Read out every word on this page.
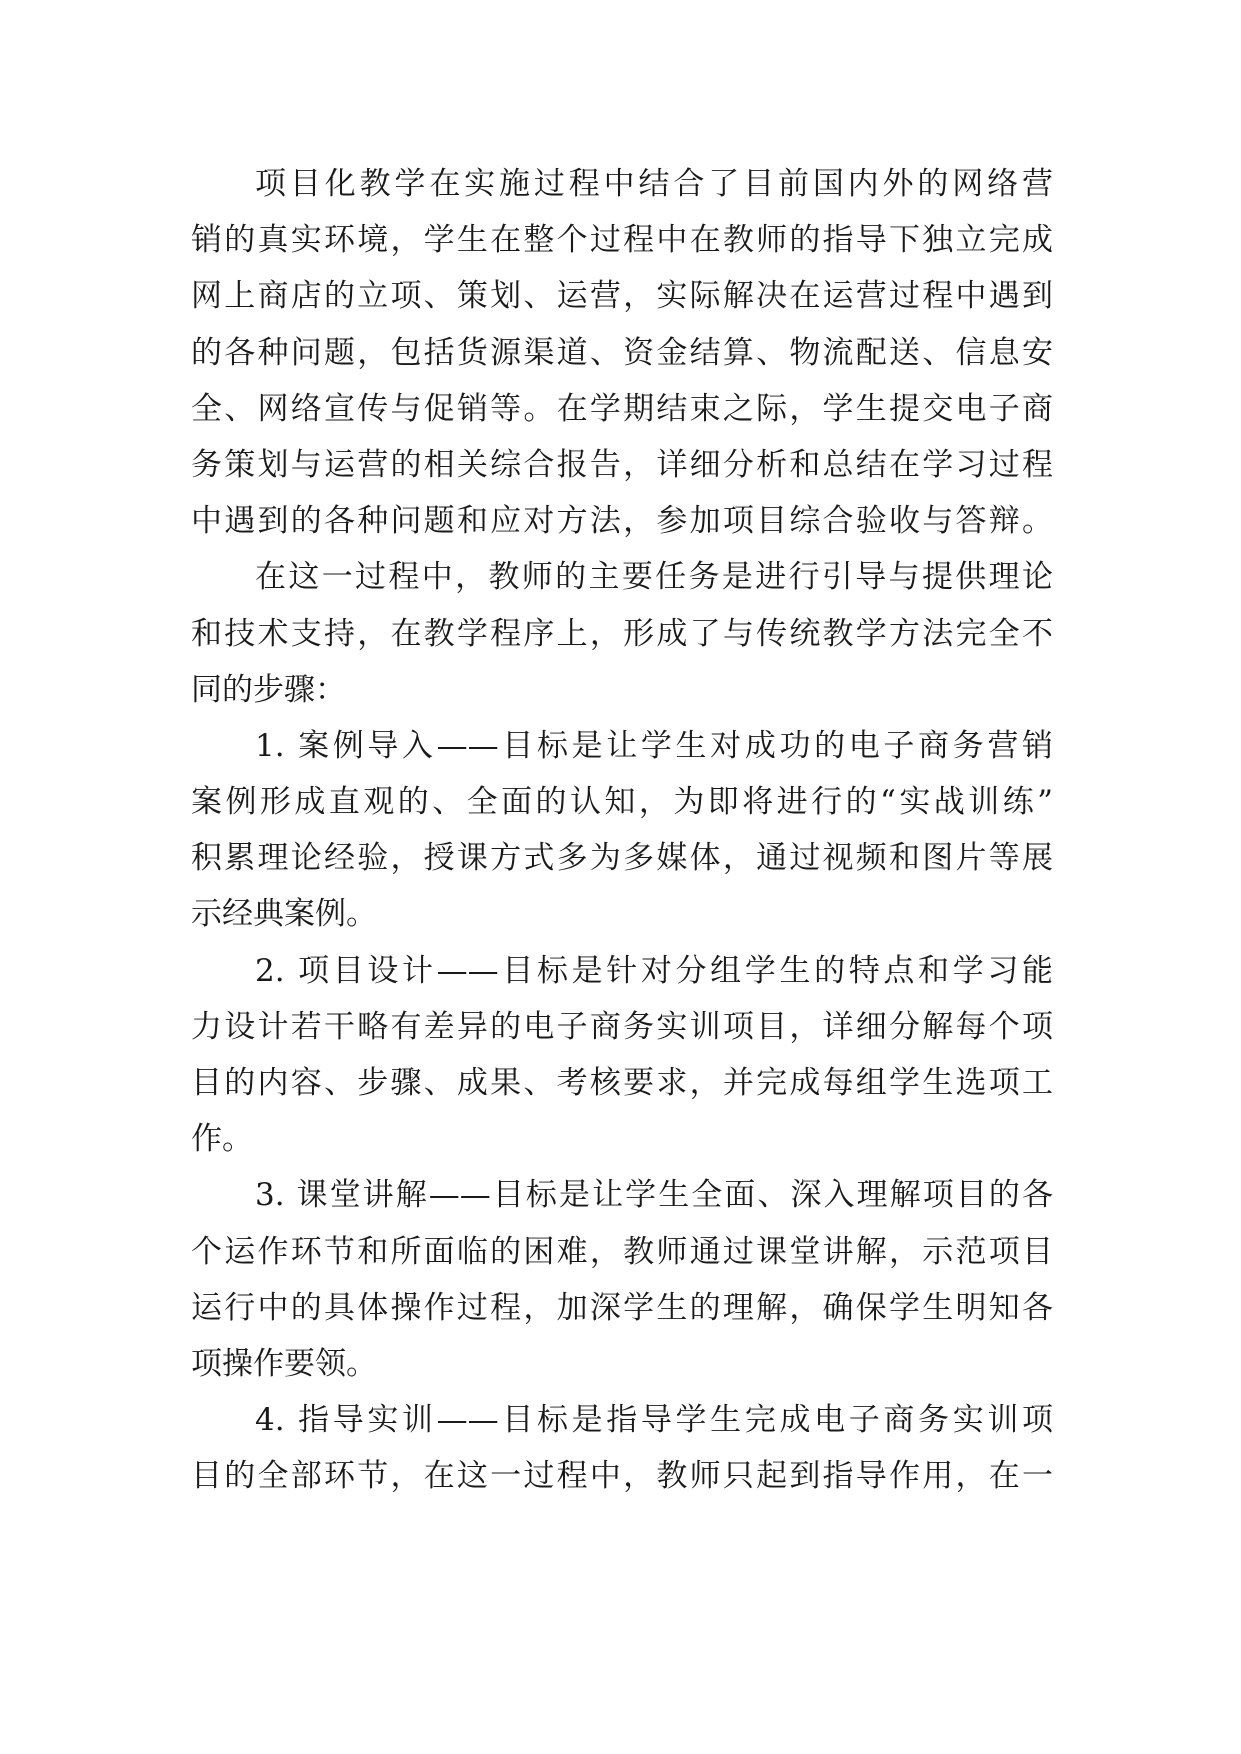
项目化教学在实施过程中结合了目前国内外的网络营
销的真实环境，学生在整个过程中在教师的指导下独立完成
网上商店的立项、策划、运营，实际解决在运营过程中遇到
的各种问题，包括货源渠道、资金结算、物流配送、信息安
全、网络宣传与促销等。在学期结束之际，学生提交电子商
务策划与运营的相关综合报告，详细分析和总结在学习过程
中遇到的各种问题和应对方法，参加项目综合验收与答辩。
在这一过程中，教师的主要任务是进行引导与提供理论
和技术支持，在教学程序上，形成了与传统教学方法完全不
同的步骤：
1. 案例导入——目标是让学生对成功的电子商务营销
案例形成直观的、全面的认知，为即将进行的“实战训练”
积累理论经验，授课方式多为多媒体，通过视频和图片等展
示经典案例。
2. 项目设计——目标是针对分组学生的特点和学习能
力设计若干略有差异的电子商务实训项目，详细分解每个项
目的内容、步骤、成果、考核要求，并完成每组学生选项工
作。
3. 课堂讲解——目标是让学生全面、深入理解项目的各
个运作环节和所面临的困难，教师通过课堂讲解，示范项目
运行中的具体操作过程，加深学生的理解，确保学生明知各
项操作要领。
4. 指导实训——目标是指导学生完成电子商务实训项
目的全部环节，在这一过程中，教师只起到指导作用，在一
